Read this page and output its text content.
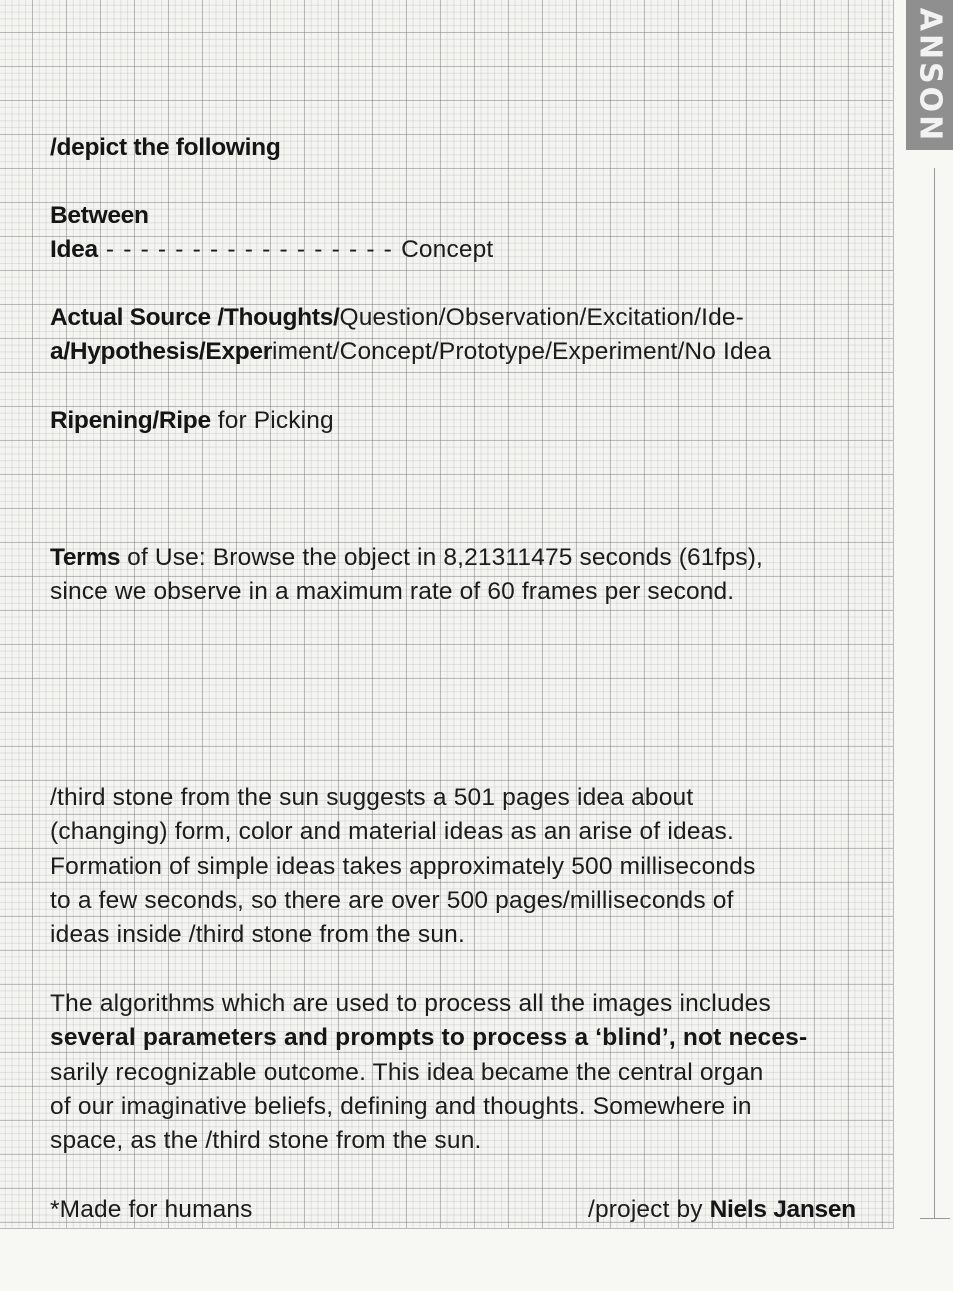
ANSON

/depict the following

Between

Idea - - - - - - - - - - - - - - - - - Concept

Actual Source /Thoughts/Question/Observation/Excitation/Ide-

a/Hypothesis/Experiment/Concept/Prototype/Experiment/No Idea

Ripening/Ripe for Picking

Terms of Use: Browse the object in 8,21311475 seconds (61fps),

since we observe in a maximum rate of 60 frames per second.

/third stone from the sun suggests a 501 pages idea about
(changing) form, color and material ideas as an arise of ideas.
Formation of simple ideas takes approximately 500 milliseconds
to a few seconds, so there are over 500 pages/milliseconds of
ideas inside /third stone from the sun.
The algorithms which are used to process all the images includes
several parameters and prompts to process a ‘blind’, not neces-
sarily recognizable outcome. This idea became the central organ
of our imaginative beliefs, defining and thoughts. Somewhere in
space, as the /third stone from the sun.

*Made for humans	/project by Niels Jansen
